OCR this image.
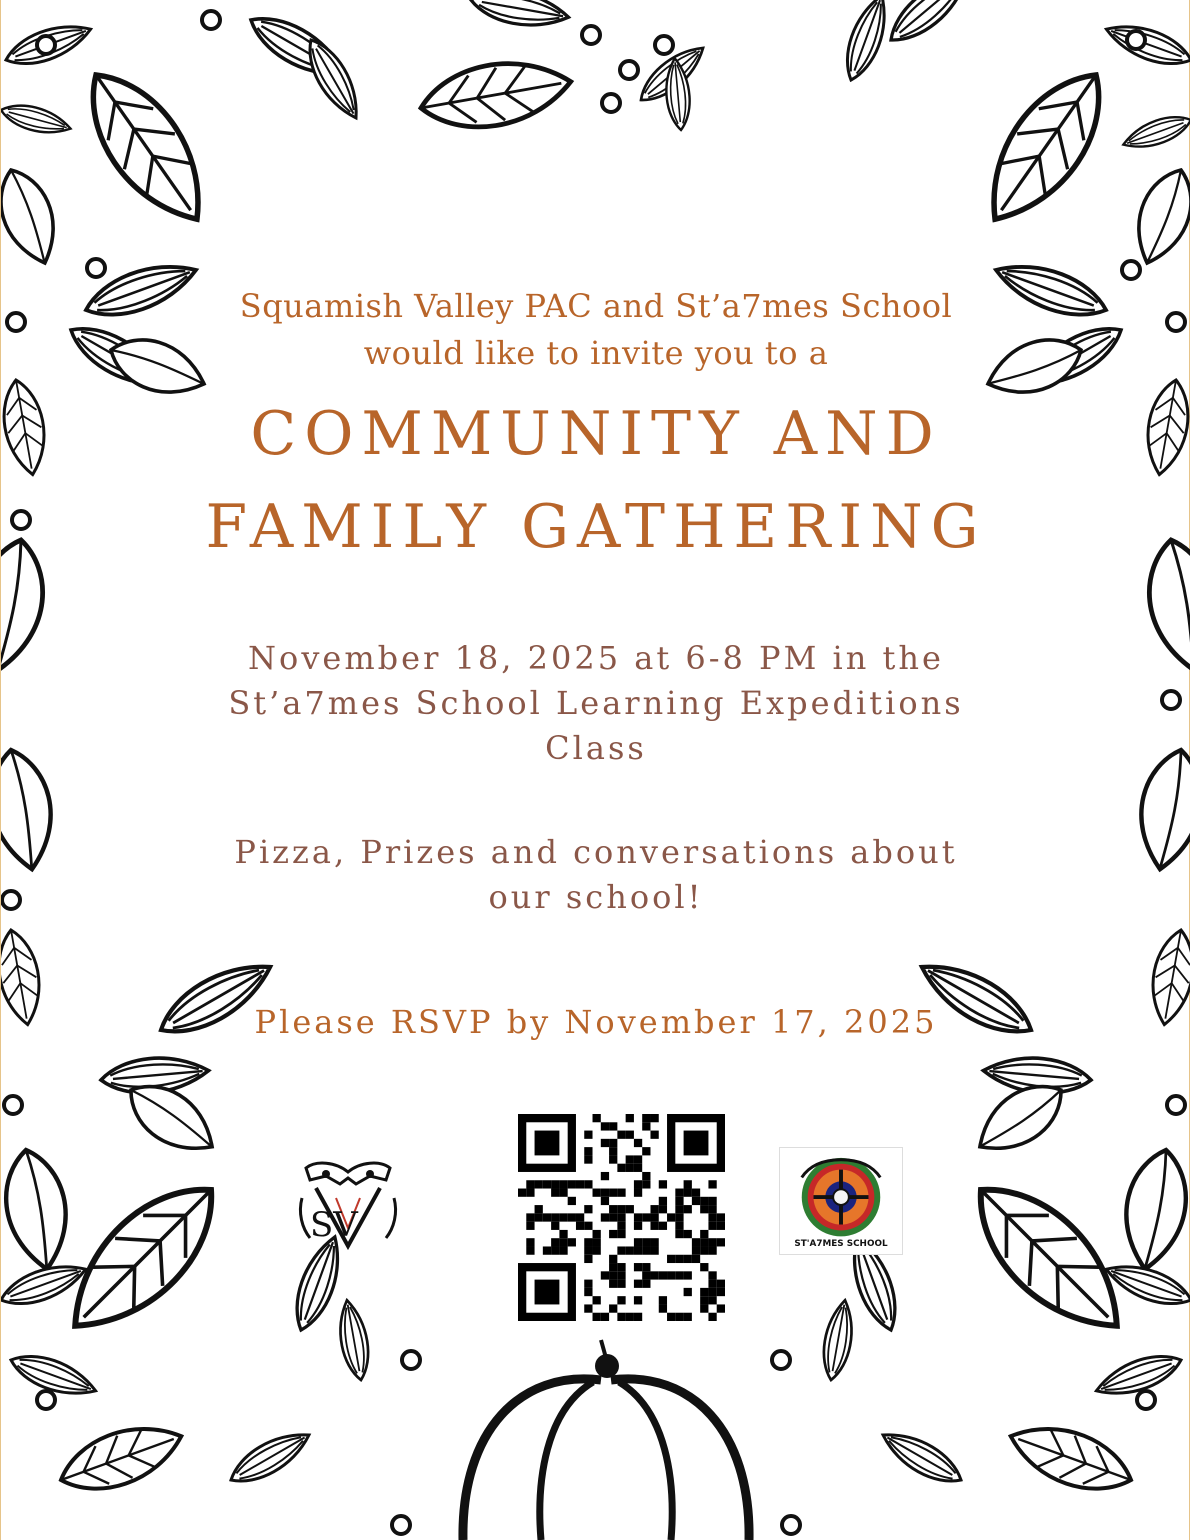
Squamish Valley PAC and St’a7mes School
would like to invite you to a
COMMUNITY AND
FAMILY GATHERING
November 18, 2025 at 6-8 PM in the
St’a7mes School Learning Expeditions
Class
Pizza, Prizes and conversations about
our school!
Please RSVP by November 17, 2025
SV	ST'A7MES SCHOOL
